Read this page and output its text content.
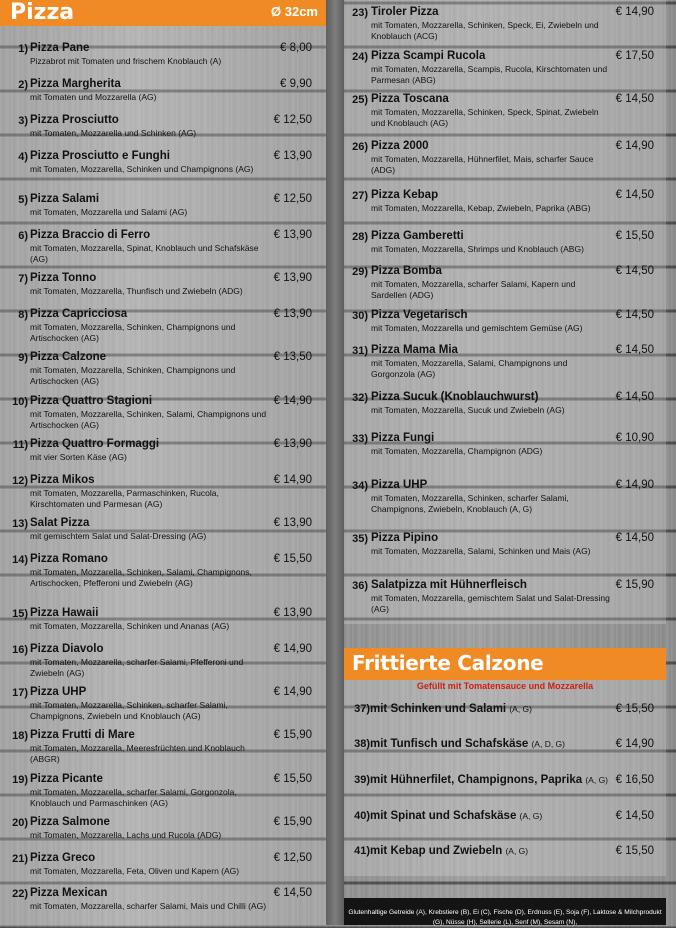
Pizza	Ø 32cm
1) Pizza Pane
Pizzabrot mit Tomaten und frischem Knoblauch (A)
€ 8,00
2) Pizza Margherita
mit Tomaten und Mozzarella (AG)
€ 9,90
3) Pizza Prosciutto
mit Tomaten, Mozzarella und Schinken (AG)
€ 12,50
4) Pizza Prosciutto e Funghi
mit Tomaten, Mozzarella, Schinken und Champignons (AG)
€ 13,90
5) Pizza Salami
mit Tomaten, Mozzarella und Salami (AG)
€ 12,50
6) Pizza Braccio di Ferro
mit Tomaten, Mozzarella, Spinat, Knoblauch und Schafskäse (AG)
€ 13,90
7) Pizza Tonno
mit Tomaten, Mozzarella, Thunfisch und Zwiebeln (ADG)
€ 13,90
8) Pizza Capricciosa
mit Tomaten, Mozzarella, Schinken, Champignons und Artischocken (AG)
€ 13,90
9) Pizza Calzone
mit Tomaten, Mozzarella, Schinken, Champignons und Artischocken (AG)
€ 13,50
10) Pizza Quattro Stagioni
mit Tomaten, Mozzarella, Schinken, Salami, Champignons und Artischocken (AG)
€ 14,90
11) Pizza Quattro Formaggi
mit vier Sorten Käse (AG)
€ 13,90
12) Pizza Mikos
mit Tomaten, Mozzarella, Parmaschinken, Rucola, Kirschtomaten und Parmesan (AG)
€ 14,90
13) Salat Pizza
mit gemischtem Salat und Salat-Dressing (AG)
€ 13,90
14) Pizza Romano
mit Tomaten, Mozzarella, Schinken, Salami, Champignons, Artischocken, Pfefferoni und Zwiebeln (AG)
€ 15,50
15) Pizza Hawaii
mit Tomaten, Mozzarella, Schinken und Ananas (AG)
€ 13,90
16) Pizza Diavolo
mit Tomaten, Mozzarella, scharfer Salami, Pfefferoni und Zwiebeln (AG)
€ 14,90
17) Pizza UHP
mit Tomaten, Mozzarella, Schinken, scharfer Salami, Champignons, Zwiebeln und Knoblauch (AG)
€ 14,90
18) Pizza Frutti di Mare
mit Tomaten, Mozzarella, Meeresfrüchten und Knoblauch (ABGR)
€ 15,90
19) Pizza Picante
mit Tomaten, Mozzarella, scharfer Salami, Gorgonzola, Knoblauch und Parmaschinken (AG)
€ 15,50
20) Pizza Salmone
mit Tomaten, Mozzarella, Lachs und Rucola (ADG)
€ 15,90
21) Pizza Greco
mit Tomaten, Mozzarella, Feta, Oliven und Kapern (AG)
€ 12,50
22) Pizza Mexican
mit Tomaten, Mozzarella, scharfer Salami, Mais und Chilli (AG)
€ 14,50
23) Tiroler Pizza
mit Tomaten, Mozzarella, Schinken, Speck, Ei, Zwiebeln und Knoblauch (ACG)
€ 14,90
24) Pizza Scampi Rucola
mit Tomaten, Mozzarella, Scampis, Rucola, Kirschtomaten und Parmesan (ABG)
€ 17,50
25) Pizza Toscana
mit Tomaten, Mozzarella, Schinken, Speck, Spinat, Zwiebeln und Knoblauch (AG)
€ 14,50
26) Pizza 2000
mit Tomaten, Mozzarella, Hühnerfilet, Mais, scharfer Sauce (ADG)
€ 14,90
27) Pizza Kebap
mit Tomaten, Mozzarella, Kebap, Zwiebeln, Paprika (ABG)
€ 14,50
28) Pizza Gamberetti
mit Tomaten, Mozzarella, Shrimps und Knoblauch (ABG)
€ 15,50
29) Pizza Bomba
mit Tomaten, Mozzarella, scharfer Salami, Kapern und Sardellen (ADG)
€ 14,50
30) Pizza Vegetarisch
mit Tomaten, Mozzarella und gemischtem Gemüse (AG)
€ 14,50
31) Pizza Mama Mia
mit Tomaten, Mozzarella, Salami, Champignons und Gorgonzola (AG)
€ 14,50
32) Pizza Sucuk (Knoblauchwurst)
mit Tomaten, Mozzarella, Sucuk und Zwiebeln (AG)
€ 14,50
33) Pizza Fungi
mit Tomaten, Mozzarella, Champignon (ADG)
€ 10,90
34) Pizza UHP
mit Tomaten, Mozzarella, Schinken, scharfer Salami, Champignons, Zwiebeln, Knoblauch (A, G)
€ 14,90
35) Pizza Pipino
mit Tomaten, Mozzarella, Salami, Schinken und Mais (AG)
€ 14,50
36) Salatpizza mit Hühnerfleisch
mit Tomaten, Mozzarella, gemischtem Salat und Salat-Dressing (AG)
€ 15,90
Frittierte Calzone
Gefüllt mit Tomatensauce und Mozzarella
37) mit Schinken und Salami (A, G)	€ 15,50
38) mit Tunfisch und Schafskäse (A, D, G)	€ 14,90
39) mit Hühnerfilet, Champignons, Paprika (A, G) € 16,50
40) mit Spinat und Schafskäse (A, G)	€ 14,50
41) mit Kebap und Zwiebeln (A, G)	€ 15,50
Glutenhaltige Getreide (A), Krebstiere (B), Ei (C), Fische (D), Erdnuss (E), Soja (F), Laktose & Milchprodukt (G), Nüsse (H), Sellerie (L), Senf (M), Sesam (N),
